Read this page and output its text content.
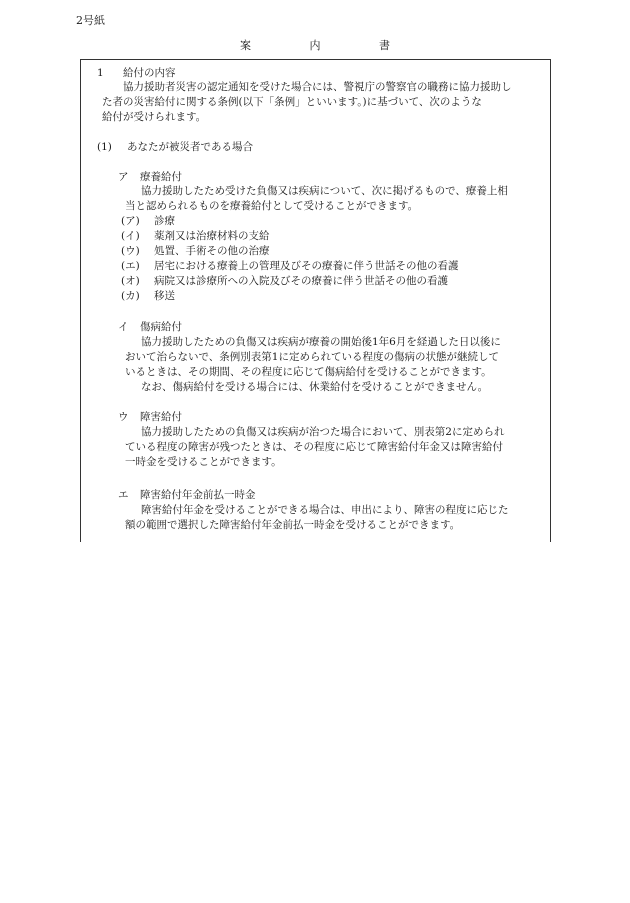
2号紙
案	内	書
1 給付の内容
協力援助者災害の認定通知を受けた場合には、警視庁の警察官の職務に協力援助し
た者の災害給付に関する条例(以下「条例」といいます。)に基づいて、次のような
給付が受けられます。
(1) あなたが被災者である場合
ア 療養給付
協力援助したため受けた負傷又は疾病について、次に掲げるもので、療養上相
当と認められるものを療養給付として受けることができます。
(ア) 診療
(イ) 薬剤又は治療材料の支給
(ウ) 処置、手術その他の治療
(エ) 居宅における療養上の管理及びその療養に伴う世話その他の看護
(オ) 病院又は診療所への入院及びその療養に伴う世話その他の看護
(カ) 移送
イ 傷病給付
協力援助したための負傷又は疾病が療養の開始後1年6月を経過した日以後に
おいて治らないで、条例別表第1に定められている程度の傷病の状態が継続して
いるときは、その期間、その程度に応じて傷病給付を受けることができます。
なお、傷病給付を受ける場合には、休業給付を受けることができません。
ウ 障害給付
協力援助したための負傷又は疾病が治つた場合において、別表第2に定められ
ている程度の障害が残つたときは、その程度に応じて障害給付年金又は障害給付
一時金を受けることができます。
エ 障害給付年金前払一時金
障害給付年金を受けることができる場合は、申出により、障害の程度に応じた
額の範囲で選択した障害給付年金前払一時金を受けることができます。
